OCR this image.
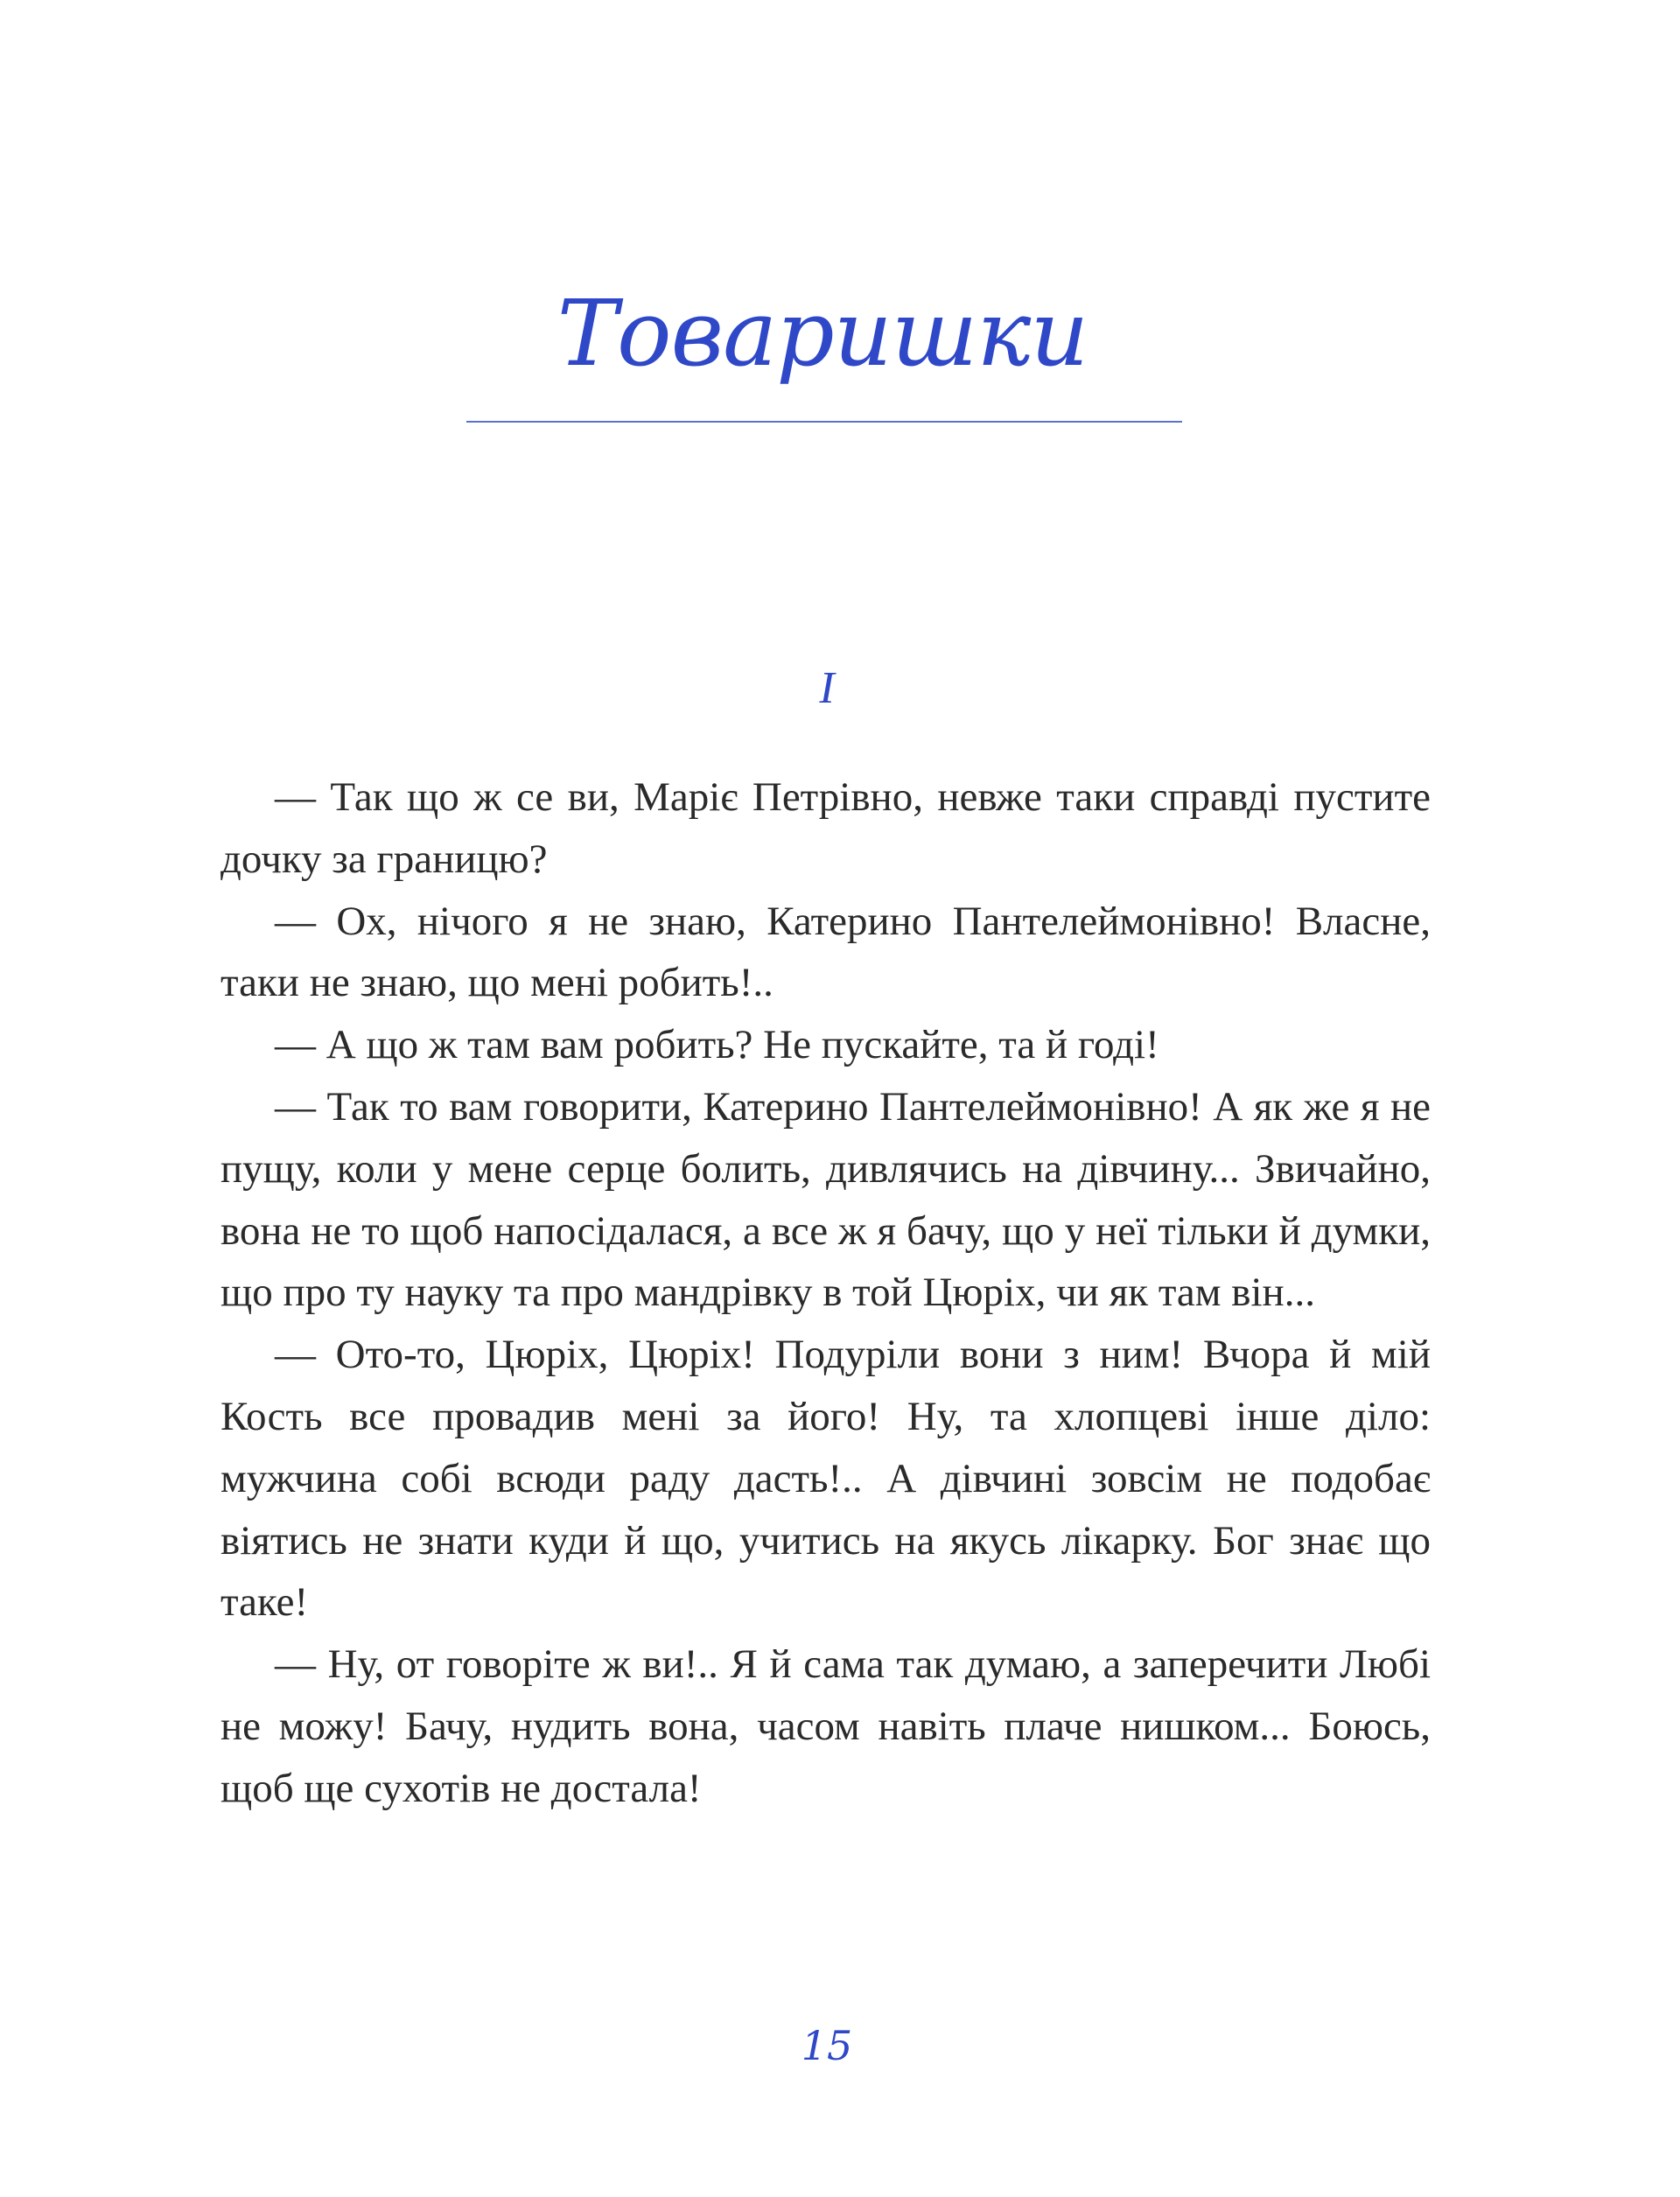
Товаришки
I

— Так що ж се ви, Маріє Петрівно, невже таки справді пустите дочку за границю?

— Ох, нічого я не знаю, Катерино Пантелеймонівно! Власне, таки не знаю, що мені робить!..

— А що ж там вам робить? Не пускайте, та й годі!

— Так то вам говорити, Катерино Пантелеймонівно! А як же я не пущу, коли у мене серце болить, дивлячись на дівчину... Звичайно, вона не то щоб напосідалася, а все ж я бачу, що у неї тільки й думки, що про ту науку та про мандрівку в той Цюріх, чи як там він...

— Ото-то, Цюріх, Цюріх! Подуріли вони з ним! Вчора й мій Кость все провадив мені за його! Ну, та хлопцеві інше діло: мужчина собі всюди раду дасть!.. А дівчині зовсім не подобає віятись не знати куди й що, учитись на якусь лікарку. Бог знає що таке!

— Ну, от говоріте ж ви!.. Я й сама так думаю, а заперечити Любі не можу! Бачу, нудить вона, часом навіть плаче нишком... Боюсь, щоб ще сухотів не достала!

15
